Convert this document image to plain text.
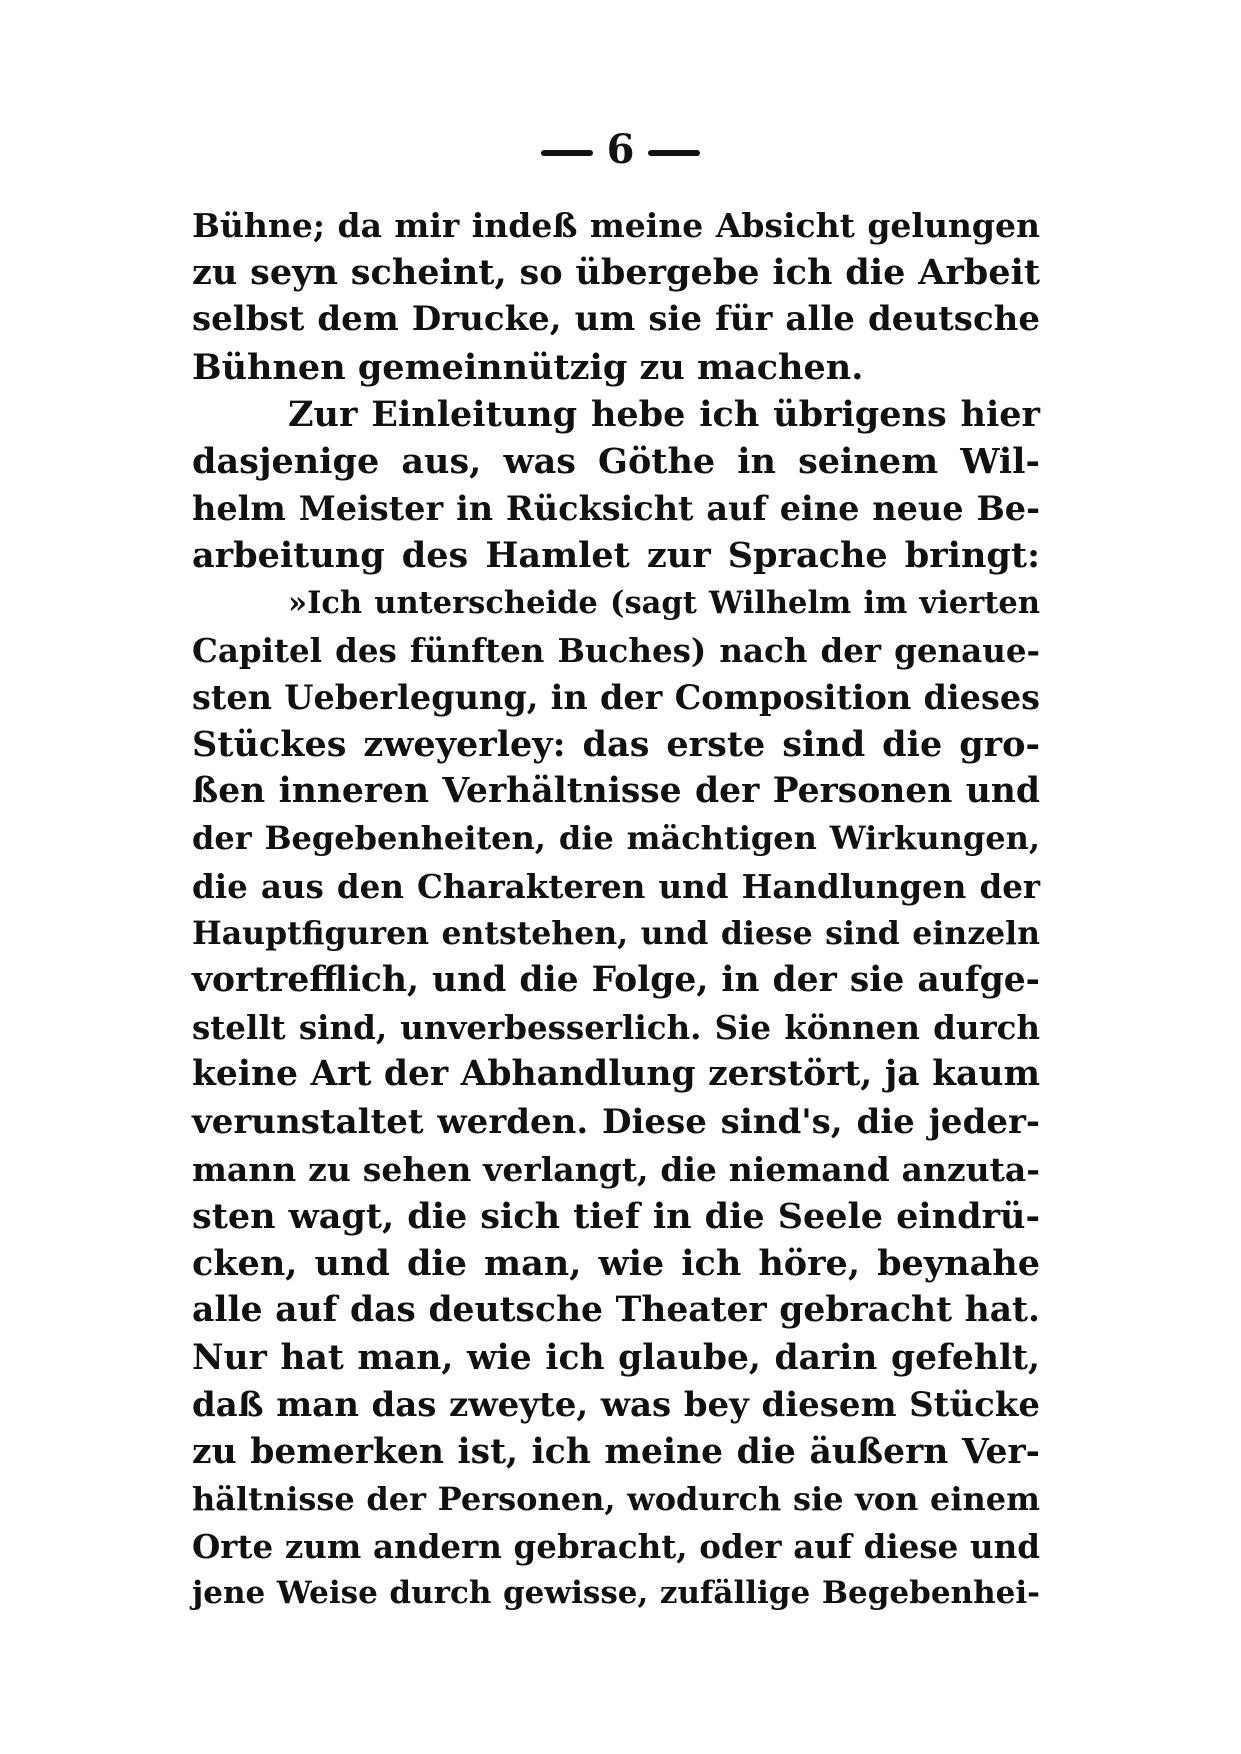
6
Bühne; da mir indeß meine Absicht gelungen
zu seyn scheint, so übergebe ich die Arbeit
selbst dem Drucke, um sie für alle deutsche
Bühnen gemeinnützig zu machen.
Zur Einleitung hebe ich übrigens hier
dasjenige aus, was Göthe in seinem Wil-
helm Meister in Rücksicht auf eine neue Be-
arbeitung des Hamlet zur Sprache bringt:
»Ich unterscheide (sagt Wilhelm im vierten
Capitel des fünften Buches) nach der genaue-
sten Ueberlegung, in der Composition dieses
Stückes zweyerley: das erste sind die gro-
ßen inneren Verhältnisse der Personen und
der Begebenheiten, die mächtigen Wirkungen,
die aus den Charakteren und Handlungen der
Hauptfiguren entstehen, und diese sind einzeln
vortrefflich, und die Folge, in der sie aufge-
stellt sind, unverbesserlich. Sie können durch
keine Art der Abhandlung zerstört, ja kaum
verunstaltet werden. Diese sind's, die jeder-
mann zu sehen verlangt, die niemand anzuta-
sten wagt, die sich tief in die Seele eindrü-
cken, und die man, wie ich höre, beynahe
alle auf das deutsche Theater gebracht hat.
Nur hat man, wie ich glaube, darin gefehlt,
daß man das zweyte, was bey diesem Stücke
zu bemerken ist, ich meine die äußern Ver-
hältnisse der Personen, wodurch sie von einem
Orte zum andern gebracht, oder auf diese und
jene Weise durch gewisse, zufällige Begebenhei-
